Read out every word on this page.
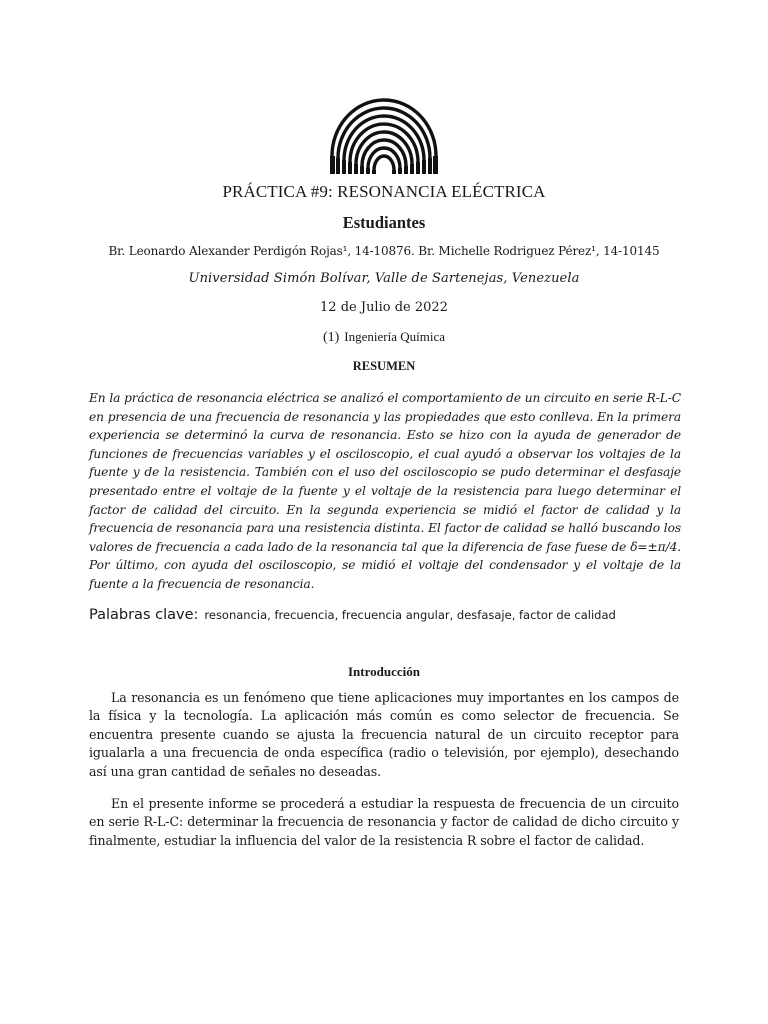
PRÁCTICA #9: RESONANCIA ELÉCTRICA
Estudiantes
Br. Leonardo Alexander Perdigón Rojas¹, 14-10876. Br. Michelle Rodriguez Pérez¹, 14-10145
Universidad Simón Bolívar, Valle de Sartenejas, Venezuela
12 de Julio de 2022
(1) Ingeniería Química
RESUMEN
En la práctica de resonancia eléctrica se analizó el comportamiento de un circuito en serie R-L-C en presencia de una frecuencia de resonancia y las propiedades que esto conlleva. En la primera experiencia se determinó la curva de resonancia. Esto se hizo con la ayuda de generador de funciones de frecuencias variables y el osciloscopio, el cual ayudó a observar los voltajes de la fuente y de la resistencia. También con el uso del osciloscopio se pudo determinar el desfasaje presentado entre el voltaje de la fuente y el voltaje de la resistencia para luego determinar el factor de calidad del circuito. En la segunda experiencia se midió el factor de calidad y la frecuencia de resonancia para una resistencia distinta. El factor de calidad se halló buscando los valores de frecuencia a cada lado de la resonancia tal que la diferencia de fase fuese de δ=±π/4. Por último, con ayuda del osciloscopio, se midió el voltaje del condensador y el voltaje de la fuente a la frecuencia de resonancia.
Palabras clave: resonancia, frecuencia, frecuencia angular, desfasaje, factor de calidad
Introducción
La resonancia es un fenómeno que tiene aplicaciones muy importantes en los campos de la física y la tecnología. La aplicación más común es como selector de frecuencia. Se encuentra presente cuando se ajusta la frecuencia natural de un circuito receptor para igualarla a una frecuencia de onda específica (radio o televisión, por ejemplo), desechando así una gran cantidad de señales no deseadas.
En el presente informe se procederá a estudiar la respuesta de frecuencia de un circuito en serie R-L-C: determinar la frecuencia de resonancia y factor de calidad de dicho circuito y finalmente, estudiar la influencia del valor de la resistencia R sobre el factor de calidad.
